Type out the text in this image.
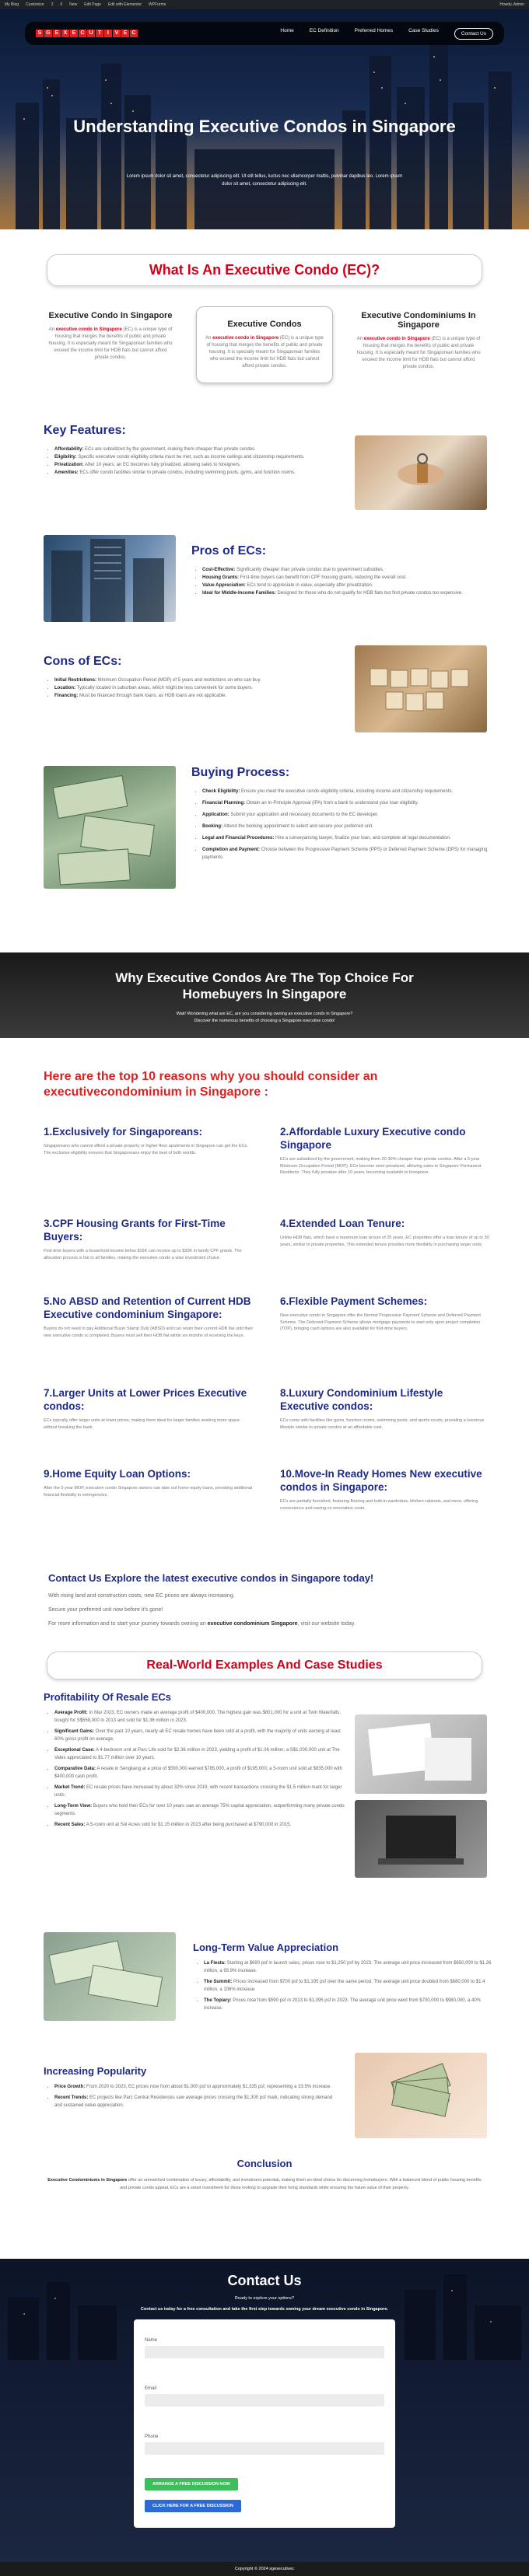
My Blog Customize 2 0 New Edit Page Edit with Elementor WPForms	Howdy, Admin
S G E X E C U T	I	V E C	Home	EC Definition	Preferred Homes	Case Studies
Contact Us
Understanding Executive Condos in Singapore

Lorem ipsum dolor sit amet, consectetur adipiscing elit. Ut elit tellus, luctus nec ullamcorper mattis, pulvinar dapibus leo. Lorem ipsum dolor sit amet, consectetur adipiscing elit.

What Is An Executive Condo (EC)?
Executive Condo In Singapore

An executive condo in Singapore (EC) is a unique type of housing that merges the benefits of public and private housing. It is especially meant for Singaporean families who exceed the income limit for HDB flats but cannot afford private condos.

Executive Condos

An executive condo in Singapore (EC) is a unique type of housing that merges the benefits of public and private housing. It is specially meant for Singaporean families who exceed the income limit for HDB flats but cannot afford private condos.

Executive Condominiums In Singapore

An executive condo in Singapore (EC) is a unique type of housing that merges the benefits of public and private housing. It is especially meant for Singaporean families who exceed the income limit for HDB flats but cannot afford private condos.

Key Features:
• Affordability: ECs are subsidized by the government, making them cheaper than private condos.
• Eligibility: Specific executive condo eligibility criteria must be met, such as income ceilings and citizenship requirements.
• Privatization: After 10 years, an EC becomes fully privatized, allowing sales to foreigners.
• Amenities: ECs offer condo facilities similar to private condos, including swimming pools, gyms, and function rooms.
Pros of ECs:
• Cost-Effective: Significantly cheaper than private condos due to government subsidies.
• Housing Grants: First-time buyers can benefit from CPF housing grants, reducing the overall cost.
• Value Appreciation: ECs tend to appreciate in value, especially after privatization.
• Ideal for Middle-Income Families: Designed for those who do not qualify for HDB flats but find private condos too expensive.
Cons of ECs:
• Initial Restrictions: Minimum Occupation Period (MOP) of 5 years and restrictions on who can buy.
• Location: Typically located in suburban areas, which might be less convenient for some buyers.
• Financing: Must be financed through bank loans, as HDB loans are not applicable.
Buying Process:
• Check Eligibility: Ensure you meet the executive condo eligibility criteria, including income and citizenship requirements.
• Financial Planning: Obtain an In-Principle Approval (IPA) from a bank to understand your loan eligibility.
• Application: Submit your application and necessary documents to the EC developer.
• Booking: Attend the booking appointment to select and secure your preferred unit.
• Legal and Financial Procedures: Hire a conveyancing lawyer, finalize your loan, and complete all legal documentation.
• Completion and Payment: Choose between the Progressive Payment Scheme (PPS) or Deferred Payment Scheme (DPS) for managing payments.
Why Executive Condos Are The Top Choice For Homebuyers In Singapore
Wait! Wondering what are EC, are you considering owning an executive condo in Singapore?
Discover the numerous benefits of choosing a Singapore executive condo!
Here are the top 10 reasons why you should consider an executivecondominium in Singapore :
1.Exclusively for Singaporeans:

Singaporeans who cannot afford a private property or higher-floor apartments in Singapore can get the ECs. The exclusive eligibility ensures that Singaporeans enjoy the best of both worlds.

2.Affordable Luxury Executive condo Singapore

ECs are subsidized by the government, making them 20-30% cheaper than private condos. After a 5-year Minimum Occupation Period (MOP), ECs become semi-privatized, allowing sales to Singapore Permanent Residents. They fully privatize after 10 years, becoming available to foreigners.

3.CPF Housing Grants for First-Time Buyers:

First-time buyers with a household income below $16K can receive up to $30K in family CPF grants. The allocation process is fair to all families, making the executive condo a wise investment choice.

4.Extended Loan Tenure:

Unlike HDB flats, which have a maximum loan tenure of 25 years, EC properties offer a loan tenure of up to 30 years, similar to private properties. This extended tenure provides more flexibility in purchasing larger units.

5.No ABSD and Retention of Current HDB Executive condominium Singapore:

Buyers do not need to pay Additional Buyer Stamp Duty (ABSD) and can retain their current HDB flat until their new executive condo is completed. Buyers must sell their HDB flat within six months of receiving the keys.

6.Flexible Payment Schemes:

New executive condo in Singapore offer the Normal Progressive Payment Scheme and Deferred Payment Scheme. The Deferred Payment Scheme allows mortgage payments to start only upon project completion (TOP), bringing cash options are also available for first-time buyers.

7.Larger Units at Lower Prices Executive condos:

ECs typically offer larger units at lower prices, making them ideal for larger families seeking more space without breaking the bank.

8.Luxury Condominium Lifestyle Executive condos:

ECs come with facilities like gyms, function rooms, swimming pools, and sports courts, providing a luxurious lifestyle similar to private condos at an affordable cost.

9.Home Equity Loan Options:

After the 5-year MOP, executive condo Singapore owners can take out home equity loans, providing additional financial flexibility in emergencies.

10.Move-In Ready Homes New executive condos in Singapore:

ECs are partially furnished, featuring flooring and built-in wardrobes, kitchen cabinets, and more, offering convenience and saving on renovation costs.

Contact Us Explore the latest executive condos in Singapore today!
With rising land and construction costs, new EC prices are always increasing.
Secure your preferred unit now before it's gone!
For more information and to start your journey towards owning an executive condominium Singapore, visit our website today.
Real-World Examples And Case Studies
Profitability Of Resale ECs
• Average Profit: In Mar 2023, EC owners made an average profit of $400,000. The highest gain was $801,000 for a unit at Twin Waterfalls, bought for S$558,000 in 2013 and sold for $1.36 million in 2023.
• Significant Gains: Over the past 10 years, nearly all EC resale homes have been sold at a profit, with the majority of units earning at least 60% gross profit on average.
• Exceptional Case: A 4-bedroom unit at Parc Life sold for $2.36 million in 2023, yielding a profit of $1.06 million; a S$1,000,000 unit at The Vales appreciated to $1.77 million over 10 years.
• Comparative Data: A resale in Sengkang at a price of $590,000 earned $785,000, a profit of $195,000; a 5-room unit sold at $835,000 with $400,000 cash profit.
• Market Trend: EC resale prices have increased by about 32% since 2019, with recent transactions crossing the $1.5 million mark for larger units.
• Long-Term View: Buyers who held their ECs for over 10 years saw an average 75% capital appreciation, outperforming many private condo segments.
• Recent Sales: A 5-room unit at Sol Acres sold for $1.15 million in 2023 after being purchased at $790,000 in 2015.
Long-Term Value Appreciation
• La Fiesta: Starting at $690 psf in launch sales, prices rose to $1,250 psf by 2023. The average unit price increased from $650,000 to $1.26 million, a 93.9% increase.
• The Summit: Prices increased from $700 psf to $1,195 psf over the same period. The average unit price doubled from $680,000 to $1.4 million, a 106% increase.
• The Topiary: Prices rose from $590 psf in 2013 to $1,095 psf in 2023. The average unit price went from $700,000 to $980,000, a 40% increase.
Increasing Popularity
• Price Growth: From 2020 to 2023, EC prices rose from about $1,000 psf to approximately $1,335 psf, representing a 33.5% increase.
• Recent Trends: EC projects like Parc Central Residences saw average prices crossing the $1,300 psf mark, indicating strong demand and sustained value appreciation.
Conclusion

Executive Condominiums in Singapore offer an unmatched combination of luxury, affordability, and investment potential, making them an ideal choice for discerning homebuyers. With a balanced blend of public housing benefits and private condo appeal, ECs are a smart investment for those looking to upgrade their living standards while ensuring the future value of their property.

Contact Us
Ready to explore your options?
Contact us today for a free consultation and take the first step towards owning your dream executive condo in Singapore.
Name
Email
Phone
ARRANGE A FREE DISCUSSION NOW
CLICK HERE FOR A FREE DISCUSSION
Copyright © 2024 sgexecutivec
